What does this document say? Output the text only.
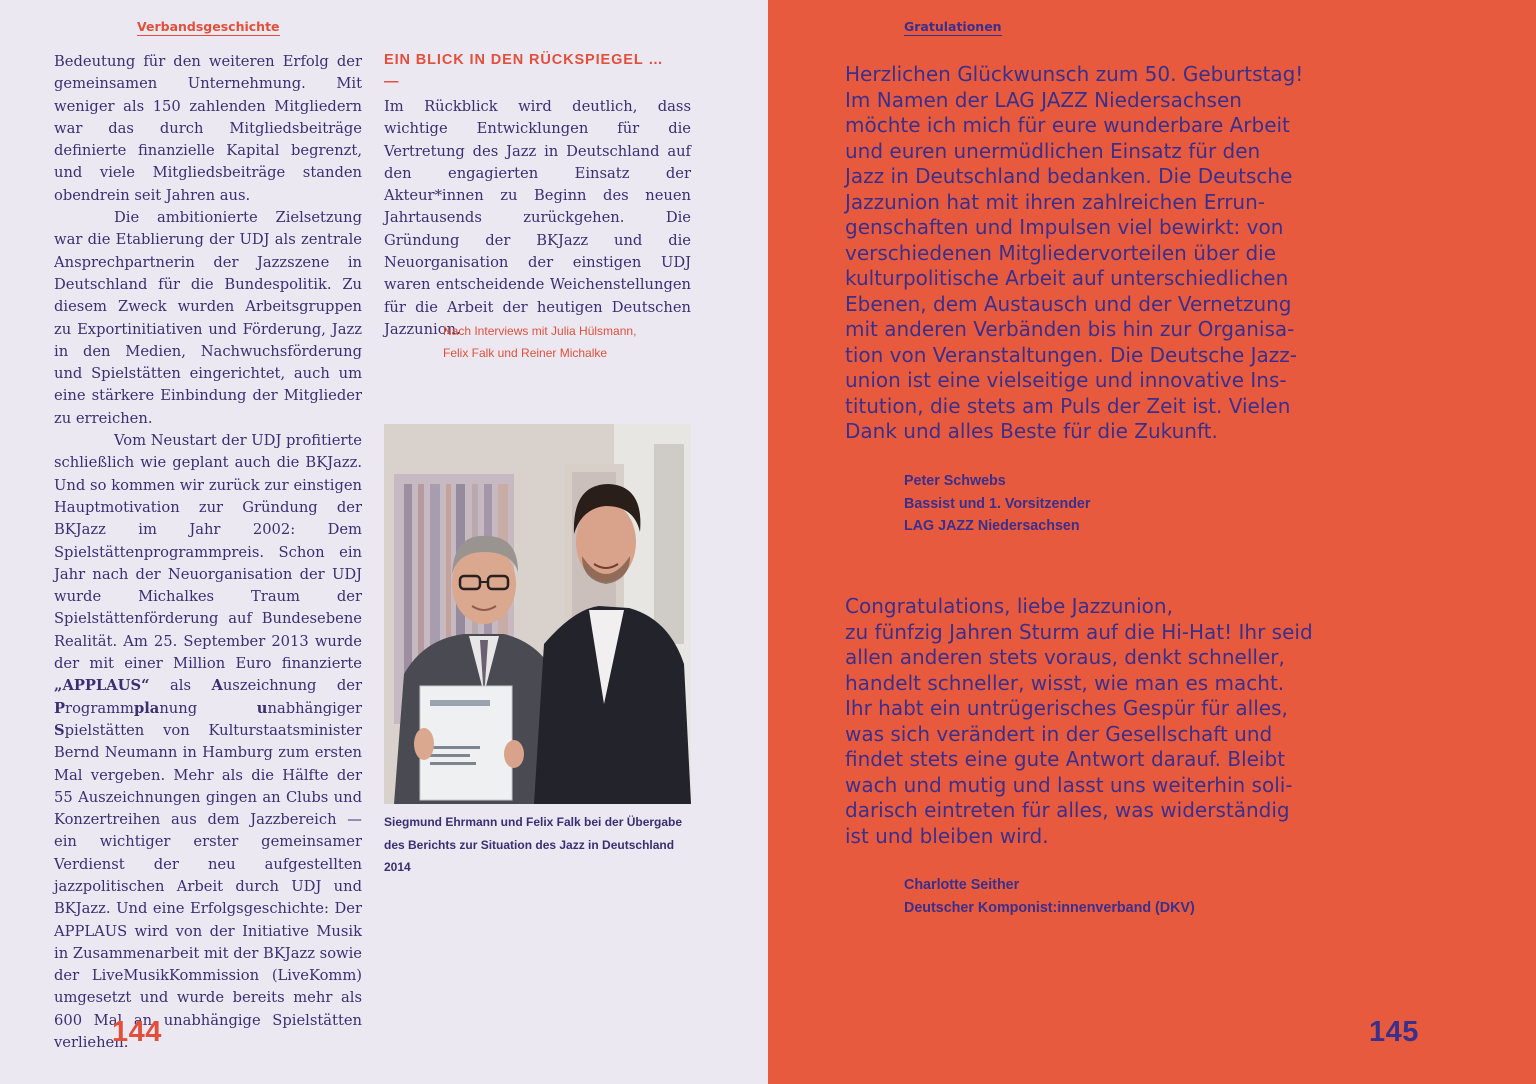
Verbandsgeschichte

Bedeutung für den weiteren Erfolg der gemeinsamen Unternehmung. Mit weniger als 150 zahlenden Mitgliedern war das durch Mitgliedsbeiträge definierte finanzielle Kapital begrenzt, und viele Mitgliedsbeiträge standen obendrein seit Jahren aus.

Die ambitionierte Zielsetzung war die Etablierung der UDJ als zentrale Ansprechpartnerin der Jazzszene in Deutschland für die Bundespolitik. Zu diesem Zweck wurden Arbeitsgruppen zu Exportinitiativen und Förderung, Jazz in den Medien, Nachwuchsförderung und Spielstätten eingerichtet, auch um eine stärkere Einbindung der Mitglieder zu erreichen.

Vom Neustart der UDJ profitierte schließlich wie geplant auch die BKJazz. Und so kommen wir zurück zur einstigen Hauptmotivation zur Gründung der BKJazz im Jahr 2002: Dem Spielstättenprogrammpreis. Schon ein Jahr nach der Neuorganisation der UDJ wurde Michalkes Traum der Spielstättenförderung auf Bundesebene Realität. Am 25. September 2013 wurde der mit einer Million Euro finanzierte „APPLAUS“ als Auszeichnung der Programmplanung	unabhängiger Spielstätten von Kulturstaatsminister Bernd Neumann in Hamburg zum ersten Mal vergeben. Mehr als die Hälfte der 55 Auszeichnungen gingen an Clubs und Konzertreihen aus dem Jazzbereich — ein wichtiger erster gemeinsamer Verdienst der neu aufgestellten jazzpolitischen Arbeit durch UDJ und BKJazz. Und eine Erfolgsgeschichte: Der APPLAUS wird von der Initiative Musik in Zusammenarbeit mit der BKJazz sowie der LiveMusikKommission (LiveKomm) umgesetzt und wurde bereits mehr als 600 Mal an unabhängige Spielstätten verliehen.

EIN BLICK IN DEN RÜCKSPIEGEL …
—

Im Rückblick wird deutlich, dass wichtige Entwicklungen für die Vertretung des Jazz in Deutschland auf den engagierten Einsatz der Akteur*innen zu Beginn des neuen Jahrtausends zurückgehen. Die Gründung der BKJazz und die Neuorganisation der einstigen UDJ waren entscheidende Weichenstellungen für die Arbeit der heutigen Deutschen Jazzunion.

Nach Interviews mit Julia Hülsmann,
Felix Falk und Reiner Michalke
Siegmund Ehrmann und Felix Falk bei der Übergabe des Berichts zur Situation des Jazz in Deutschland 2014
144
Gratulationen
Herzlichen Glückwunsch zum 50. Geburtstag!
Im Namen der LAG JAZZ Niedersachsen
möchte ich mich für eure wunderbare Arbeit
und euren unermüdlichen Einsatz für den
Jazz in Deutschland bedanken. Die Deutsche
Jazzunion hat mit ihren zahlreichen Errun-
genschaften und Impulsen viel bewirkt: von
verschiedenen Mitgliedervorteilen über die
kulturpolitische Arbeit auf unterschiedlichen
Ebenen, dem Austausch und der Vernetzung
mit anderen Verbänden bis hin zur Organisa-
tion von Veranstaltungen. Die Deutsche Jazz-
union ist eine vielseitige und innovative Ins-
titution, die stets am Puls der Zeit ist. Vielen
Dank und alles Beste für die Zukunft.
Peter Schwebs
Bassist und 1. Vorsitzender
LAG JAZZ Niedersachsen
Congratulations, liebe Jazzunion,
zu fünfzig Jahren Sturm auf die Hi-Hat! Ihr seid
allen anderen stets voraus, denkt schneller,
handelt schneller, wisst, wie man es macht.
Ihr habt ein untrügerisches Gespür für alles,
was sich verändert in der Gesellschaft und
findet stets eine gute Antwort darauf. Bleibt
wach und mutig und lasst uns weiterhin soli-
darisch eintreten für alles, was widerständig
ist und bleiben wird.
Charlotte Seither
Deutscher Komponist:innenverband (DKV)
145
